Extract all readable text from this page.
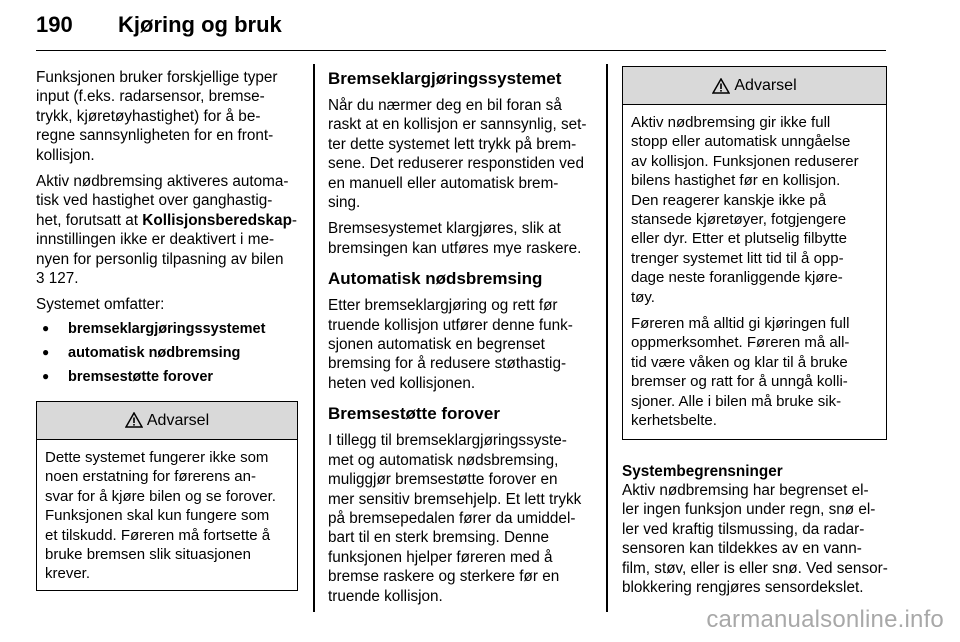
190 Kjøring og bruk

Funksjonen bruker forskjellige typer
input (f.eks. radarsensor, bremse-
trykk, kjøretøyhastighet) for å be-
regne sannsynligheten for en front-
kollisjon.

Aktiv nødbremsing aktiveres automa-
tisk ved hastighet over ganghastig-
het, forutsatt at Kollisjonsberedskap-
innstillingen ikke er deaktivert i me-
nyen for personlig tilpasning av bilen
3 127.

Systemet omfatter:

● bremseklargjøringssystemet
● automatisk nødbremsing
● bremsestøtte forover
Advarsel
Dette systemet fungerer ikke som
noen erstatning for førerens an-
svar for å kjøre bilen og se forover.
Funksjonen skal kun fungere som
et tilskudd. Føreren må fortsette å
bruke bremsen slik situasjonen
krever.
Bremseklargjøringssystemet

Når du nærmer deg en bil foran så
raskt at en kollisjon er sannsynlig, set-
ter dette systemet lett trykk på brem-
sene. Det reduserer responstiden ved
en manuell eller automatisk brem-
sing.

Bremsesystemet klargjøres, slik at
bremsingen kan utføres mye raskere.

Automatisk nødsbremsing

Etter bremseklargjøring og rett før
truende kollisjon utfører denne funk-
sjonen automatisk en begrenset
bremsing for å redusere støthastig-
heten ved kollisjonen.

Bremsestøtte forover

I tillegg til bremseklargjøringssyste-
met og automatisk nødsbremsing,
muliggjør bremsestøtte forover en
mer sensitiv bremsehjelp. Et lett trykk
på bremsepedalen fører da umiddel-
bart til en sterk bremsing. Denne
funksjonen hjelper føreren med å
bremse raskere og sterkere før en
truende kollisjon.

Advarsel

Aktiv nødbremsing gir ikke full
stopp eller automatisk unngåelse
av kollisjon. Funksjonen reduserer
bilens hastighet før en kollisjon.
Den reagerer kanskje ikke på
stansede kjøretøyer, fotgjengere
eller dyr. Etter et plutselig filbytte
trenger systemet litt tid til å opp-
dage neste foranliggende kjøre-
tøy.

Føreren må alltid gi kjøringen full
oppmerksomhet. Føreren må all-
tid være våken og klar til å bruke
bremser og ratt for å unngå kolli-
sjoner. Alle i bilen må bruke sik-
kerhetsbelte.

Systembegrensninger

Aktiv nødbremsing har begrenset el-
ler ingen funksjon under regn, snø el-
ler ved kraftig tilsmussing, da radar-
sensoren kan tildekkes av en vann-
film, støv, eller is eller snø. Ved sensor-
blokkering rengjøres sensordekslet.

carmanualsonline.info
